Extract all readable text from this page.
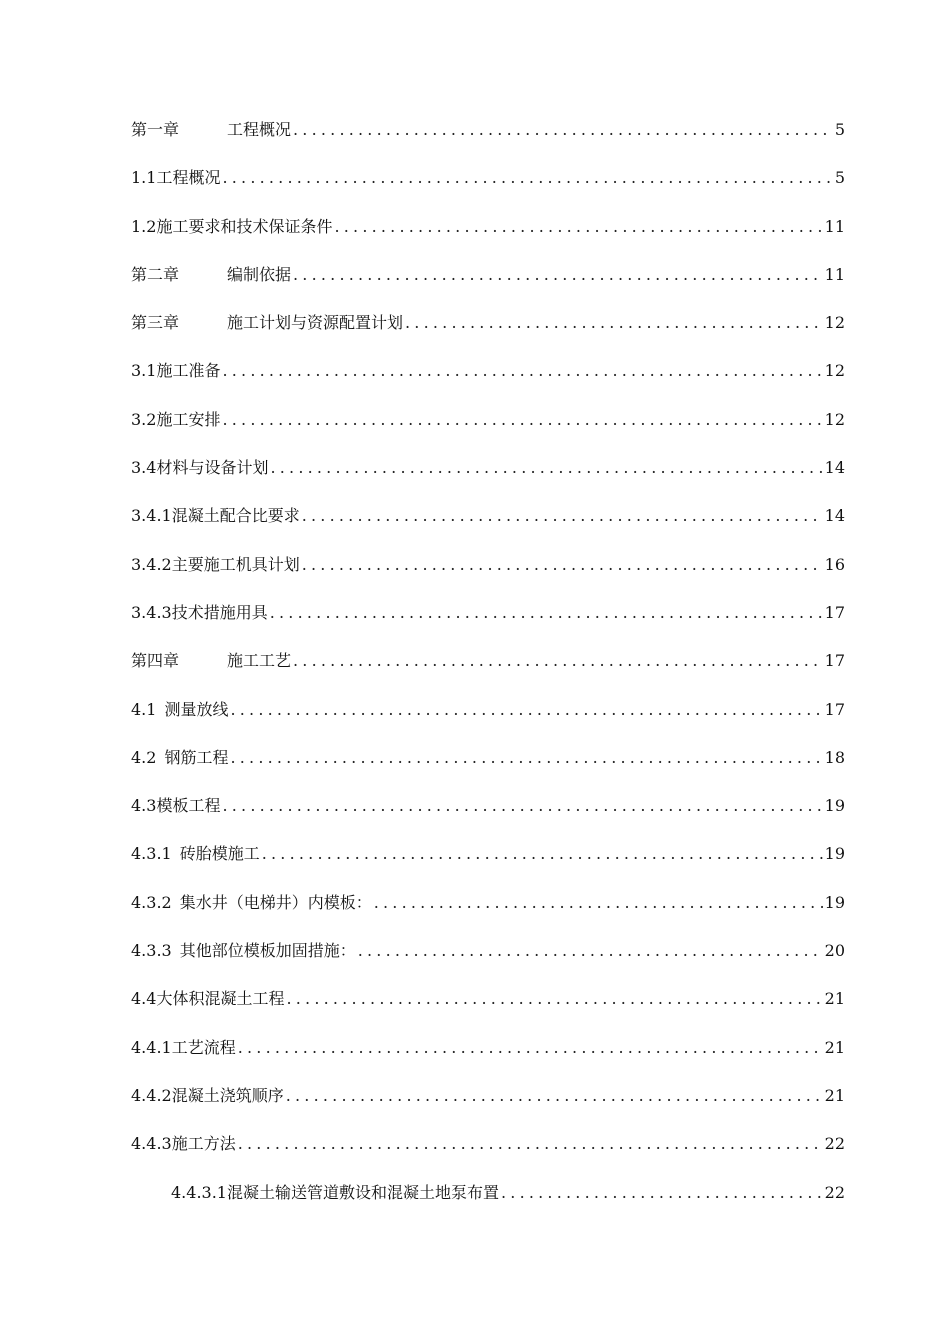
第一章	工程概况 .....	5
1.1 工程概况 .....	5
1.2 施工要求和技术保证条件 .....	11
第二章	编制依据 .....	11
第三章	施工计划与资源配置计划 .....	12
3.1 施工准备 .....	12
3.2 施工安排 .....	12
3.4 材料与设备计划 .....	14
3.4.1 混凝土配合比要求 .....	14
3.4.2 主要施工机具计划 .....	16
3.4.3 技术措施用具 .....	17
第四章	施工工艺 .....	17
4.1 测量放线 .....	17
4.2 钢筋工程 .....	18
4.3 模板工程 .....	19
4.3.1 砖胎模施工 .....	19
4.3.2 集水井（电梯井）内模板： .....	19
4.3.3 其他部位模板加固措施： .....	20
4.4 大体积混凝土工程 .....	21
4.4.1 工艺流程 .....	21
4.4.2 混凝土浇筑顺序 .....	21
4.4.3 施工方法 .....	22
4.4.3.1 混凝土输送管道敷设和混凝土地泵布置 .....	22
